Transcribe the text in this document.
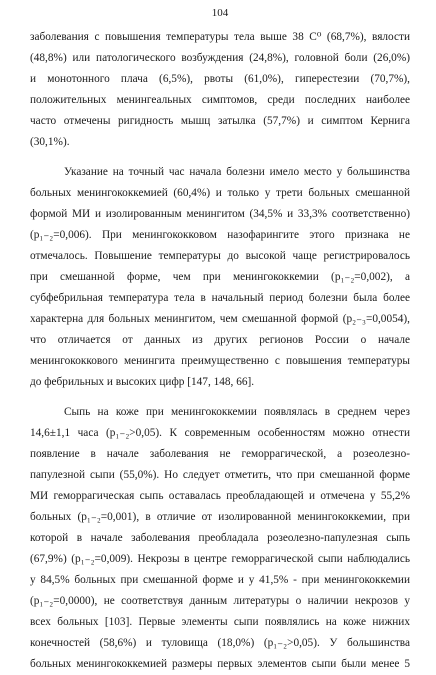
104
заболевания с повышения температуры тела выше 38 С⁰ (68,7%), вялости
(48,8%) или патологического возбуждения (24,8%), головной боли (26,0%)
и монотонного плача (6,5%), рвоты (61,0%), гиперестезии (70,7%),
положительных менингеальных симптомов, среди последних наиболее
часто отмечены ригидность мышц затылка (57,7%) и симптом Кернига
(30,1%).
Указание на точный час начала болезни имело место у большинства
больных менингококкемией (60,4%) и только у трети больных смешанной
формой МИ и изолированным менингитом (34,5% и 33,3% соответственно)
(p₁₋₂=0,006). При менингококковом назофарингите этого признака не
отмечалось. Повышение температуры до высокой чаще регистрировалось
при смешанной форме, чем при менингококкемии (p₁₋₂=0,002), а
субфебрильная температура тела в начальный период болезни была более
характерна для больных менингитом, чем смешанной формой (p₂₋₃=0,0054),
что отличается от данных из других регионов России о начале
менингококкового менингита преимущественно с повышения температуры
до фебрильных и высоких цифр [147, 148, 66].
Сыпь на коже при менингококкемии появлялась в среднем через
14,6±1,1 часа (p₁₋₂>0,05). К современным особенностям можно отнести
появление в начале заболевания не геморрагической, а розеолезно-
папулезной сыпи (55,0%). Но следует отметить, что при смешанной форме
МИ геморрагическая сыпь оставалась преобладающей и отмечена у 55,2%
больных (p₁₋₂=0,001), в отличие от изолированной менингококкемии, при
которой в начале заболевания преобладала розеолезно-папулезная сыпь
(67,9%) (p₁₋₂=0,009). Некрозы в центре геморрагической сыпи наблюдались
у 84,5% больных при смешанной форме и у 41,5% - при менингококкемии
(p₁₋₂=0,0000), не соответствуя данным литературы о наличии некрозов у
всех больных [103]. Первые элементы сыпи появлялись на коже нижних
конечностей (58,6%) и туловища (18,0%) (p₁₋₂>0,05). У большинства
больных менингококкемией размеры первых элементов сыпи были менее 5
